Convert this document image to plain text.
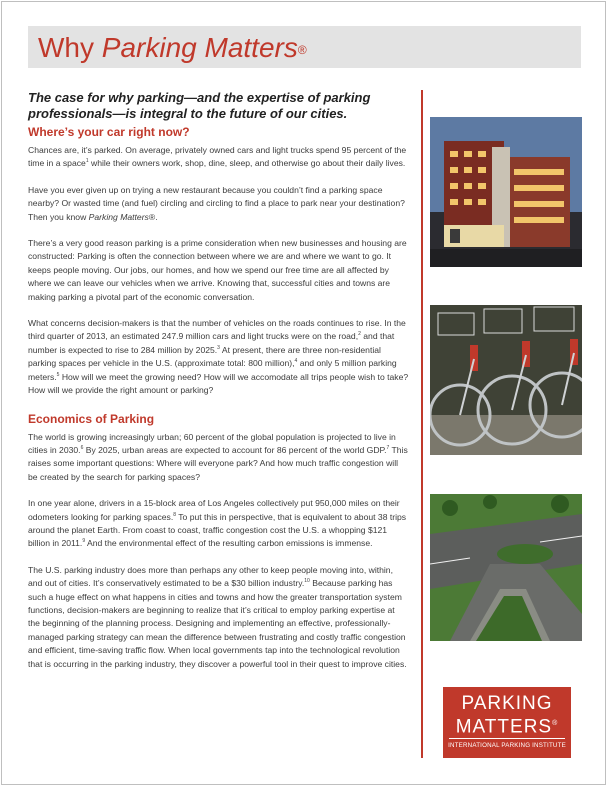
Why Parking Matters®
The case for why parking—and the expertise of parking professionals—is integral to the future of our cities.
Where’s your car right now?

Chances are, it’s parked. On average, privately owned cars and light trucks spend 95 percent of the time in a space$^1$ while their owners work, shop, dine, sleep, and otherwise go about their daily lives.

Have you ever given up on trying a new restaurant because you couldn’t find a parking space nearby? Or wasted time (and fuel) circling and circling to find a place to park near your destination? Then you know Parking Matters®.

There’s a very good reason parking is a prime consideration when new businesses and housing are constructed: Parking is often the connection between where we are and where we want to go. It keeps people moving. Our jobs, our homes, and how we spend our free time are all affected by where we can leave our vehicles when we arrive. Knowing that, successful cities and towns are making parking a pivotal part of the economic conversation.

What concerns decision-makers is that the number of vehicles on the roads continues to rise. In the third quarter of 2013, an estimated 247.9 million cars and light trucks were on the road,$^2$ and that number is expected to rise to 284 million by 2025.$^3$ At present, there are three non-residential parking spaces per vehicle in the U.S. (approximate total: 800 million),$^4$ and only 5 million parking meters.$^5$ How will we meet the growing need? How will we accomodate all trips people wish to take? How will we provide the right amount or parking?

Economics of Parking

The world is growing increasingly urban; 60 percent of the global population is projected to live in cities in 2030.$^6$ By 2025, urban areas are expected to account for 86 percent of the world GDP.$^7$ This raises some important questions: Where will everyone park? And how much traffic congestion will be created by the search for parking spaces?

In one year alone, drivers in a 15-block area of Los Angeles collectively put 950,000 miles on their odometers looking for parking spaces.$^8$ To put this in perspective, that is equivalent to about 38 trips around the planet Earth. From coast to coast, traffic congestion cost the U.S. a whopping $121 billion in 2011.$^9$ And the environmental effect of the resulting carbon emissions is immense.

The U.S. parking industry does more than perhaps any other to keep people moving into, within, and out of cities. It’s conservatively estimated to be a $30 billion industry.$^{10}$ Because parking has such a huge effect on what happens in cities and towns and how the greater transportation system functions, decision-makers are beginning to realize that it’s critical to employ parking expertise at the beginning of the planning process. Designing and implementing an effective, professionally-managed parking strategy can mean the difference between frustrating and costly traffic congestion and efficient, time-saving traffic flow. When local governments tap into the technological revolution that is occurring in the parking industry, they discover a powerful tool in their quest to improve cities.

PARKING
MATTERS®
INTERNATIONAL PARKING INSTITUTE
